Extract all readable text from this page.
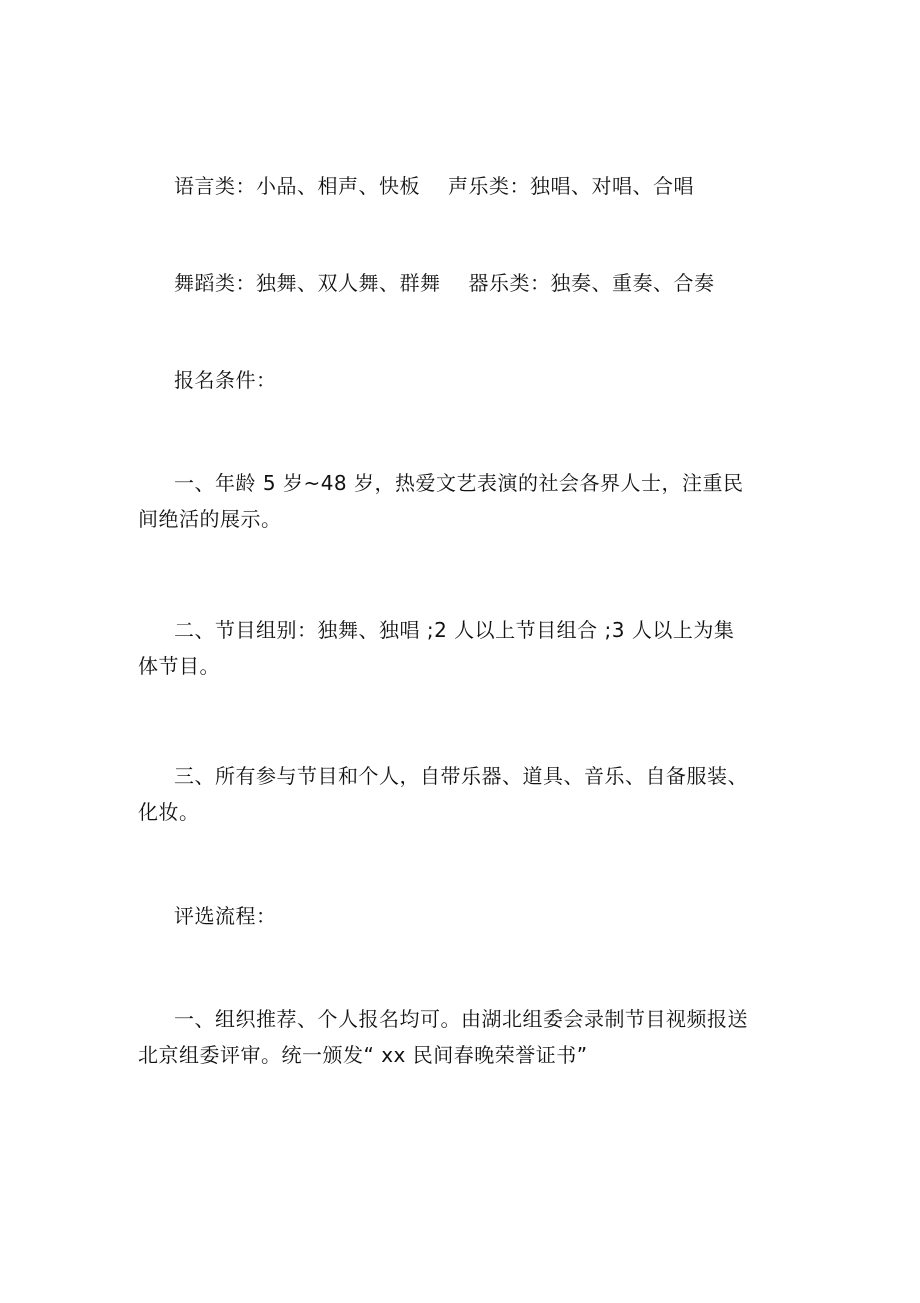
语言类：小品、相声、快板 声乐类：独唱、对唱、合唱
舞蹈类：独舞、双人舞、群舞 器乐类：独奏、重奏、合奏
报名条件：
一、年龄 5 岁~48 岁，热爱文艺表演的社会各界人士，注重民间绝活的展示。
二、节目组别：独舞、独唱 ;2 人以上节目组合 ;3 人以上为集体节目。
三、所有参与节目和个人，自带乐器、道具、音乐、自备服装、化妆。
评选流程：
一、组织推荐、个人报名均可。由湖北组委会录制节目视频报送北京组委评审。统一颁发“ xx 民间春晚荣誉证书”
